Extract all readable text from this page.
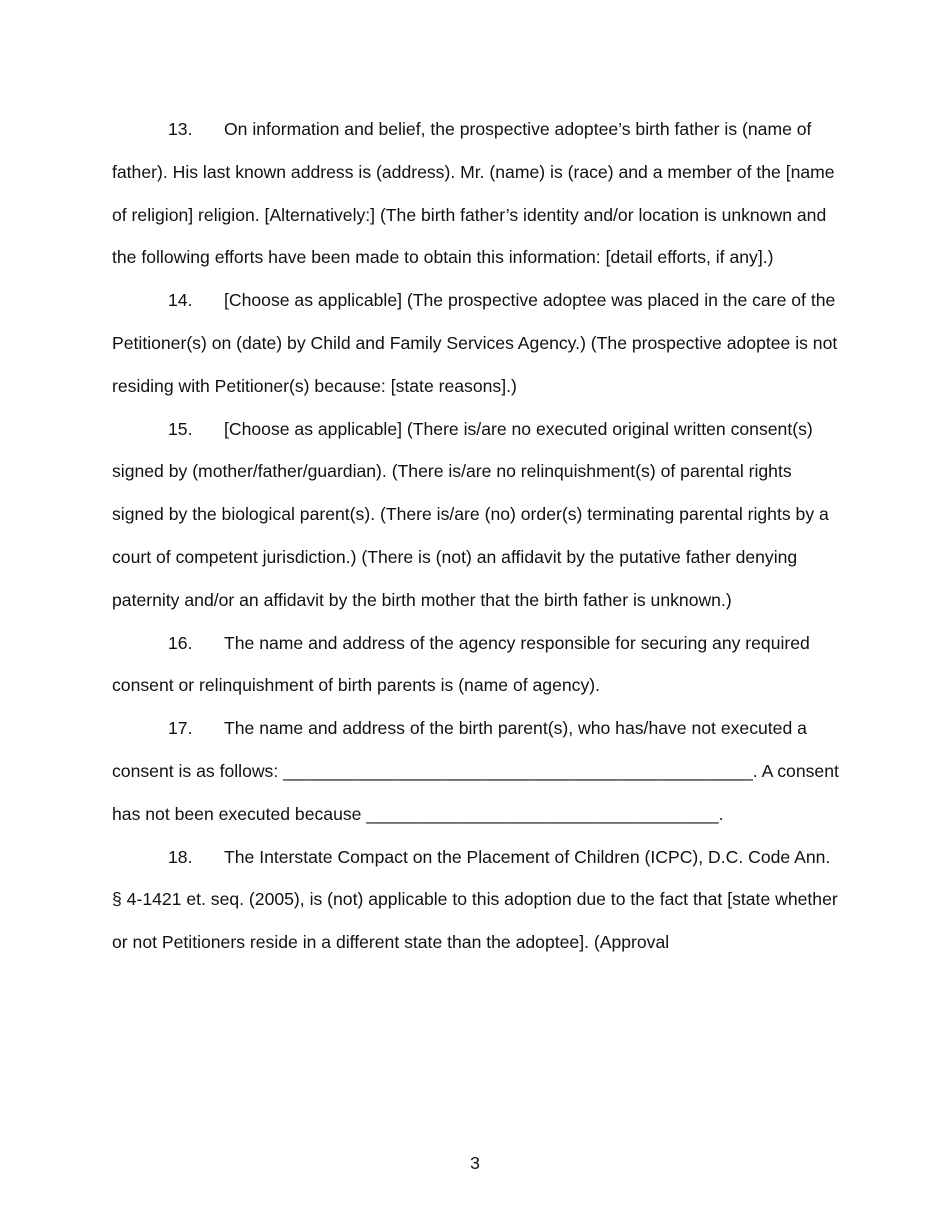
13. On information and belief, the prospective adoptee’s birth father is (name of father). His last known address is (address). Mr. (name) is (race) and a member of the [name of religion] religion. [Alternatively:] (The birth father’s identity and/or location is unknown and the following efforts have been made to obtain this information: [detail efforts, if any].)

14. [Choose as applicable] (The prospective adoptee was placed in the care of the Petitioner(s) on (date) by Child and Family Services Agency.) (The prospective adoptee is not residing with Petitioner(s) because: [state reasons].)

15. [Choose as applicable] (There is/are no executed original written consent(s) signed by (mother/father/guardian). (There is/are no relinquishment(s) of parental rights signed by the biological parent(s). (There is/are (no) order(s) terminating parental rights by a court of competent jurisdiction.) (There is (not) an affidavit by the putative father denying paternity and/or an affidavit by the birth mother that the birth father is unknown.)

16. The name and address of the agency responsible for securing any required consent or relinquishment of birth parents is (name of agency).

17. The name and address of the birth parent(s), who has/have not executed a consent is as follows: ________________________________________________. A consent has not been executed because ____________________________________.

18. The Interstate Compact on the Placement of Children (ICPC), D.C. Code Ann. § 4-1421 et. seq. (2005), is (not) applicable to this adoption due to the fact that [state whether or not Petitioners reside in a different state than the adoptee]. (Approval

3
